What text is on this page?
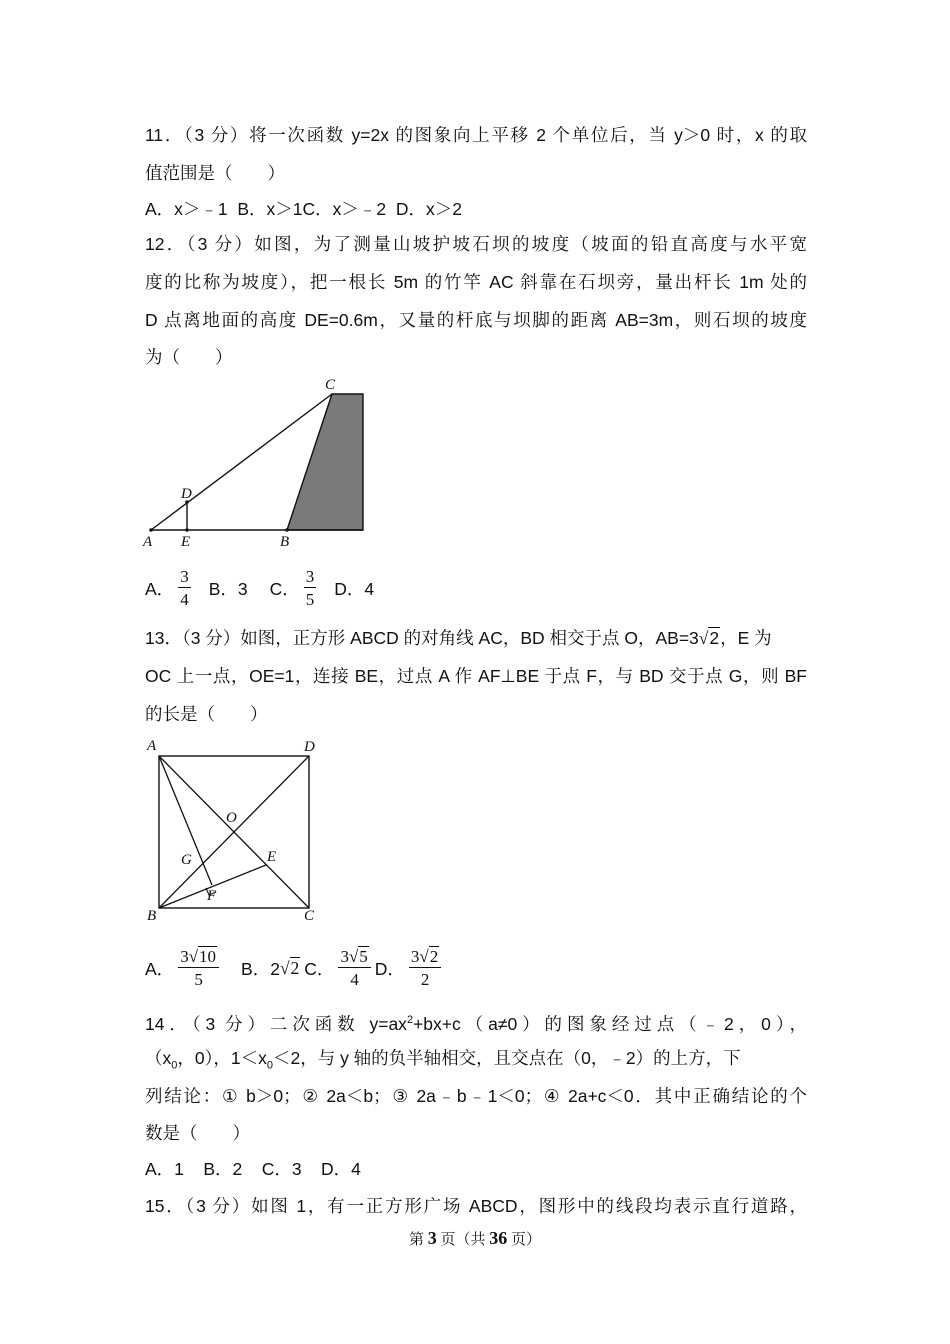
11．（3 分）将一次函数 y=2x 的图象向上平移 2 个单位后，当 y＞0 时，x 的取
值范围是（　　）
A．x＞﹣1  B．x＞1C．x＞﹣2  D．x＞2
12．（3 分）如图，为了测量山坡护坡石坝的坡度（坡面的铅直高度与水平宽
度的比称为坡度），把一根长 5m 的竹竿 AC 斜靠在石坝旁，量出杆长 1m 处的
D 点离地面的高度 DE=0.6m，又量的杆底与坝脚的距离 AB=3m，则石坝的坡度
为（　　）
C
D
A E	B
A． $\frac{3}{4}$ B．3 C． $\frac{3}{5}$ D．4
13．（3 分）如图，正方形 ABCD 的对角线 AC，BD 相交于点 O，AB=3√2，E 为
OC 上一点，OE=1，连接 BE，过点 A 作 AF⊥BE 于点 F，与 BD 交于点 G，则 BF
的长是（　　）
A	D
O
G	E
F
B	C
A． $\frac{3√10}{5}$ B．2 √ 2 C． $\frac{3√5}{4}$ D． $\frac{3√2}{2}$
14．（3 分）二次函数 $y=ax^2+bx+c(a\ne 0)$的图象经过点（﹣2，0），
（$x_0$，0），$1<x_0<2$，与 y 轴的负半轴相交，且交点在（0，﹣2）的上方，下
列结论：① b＞0；② 2a＜b；③ 2a﹣b﹣1＜0；④ 2a+c＜0．其中正确结论的个
数是（　　）
A．1    B．2    C．3    D．4
15．（3 分）如图 1，有一正方形广场 ABCD，图形中的线段均表示直行道路，
第 3 页（共 36 页）
